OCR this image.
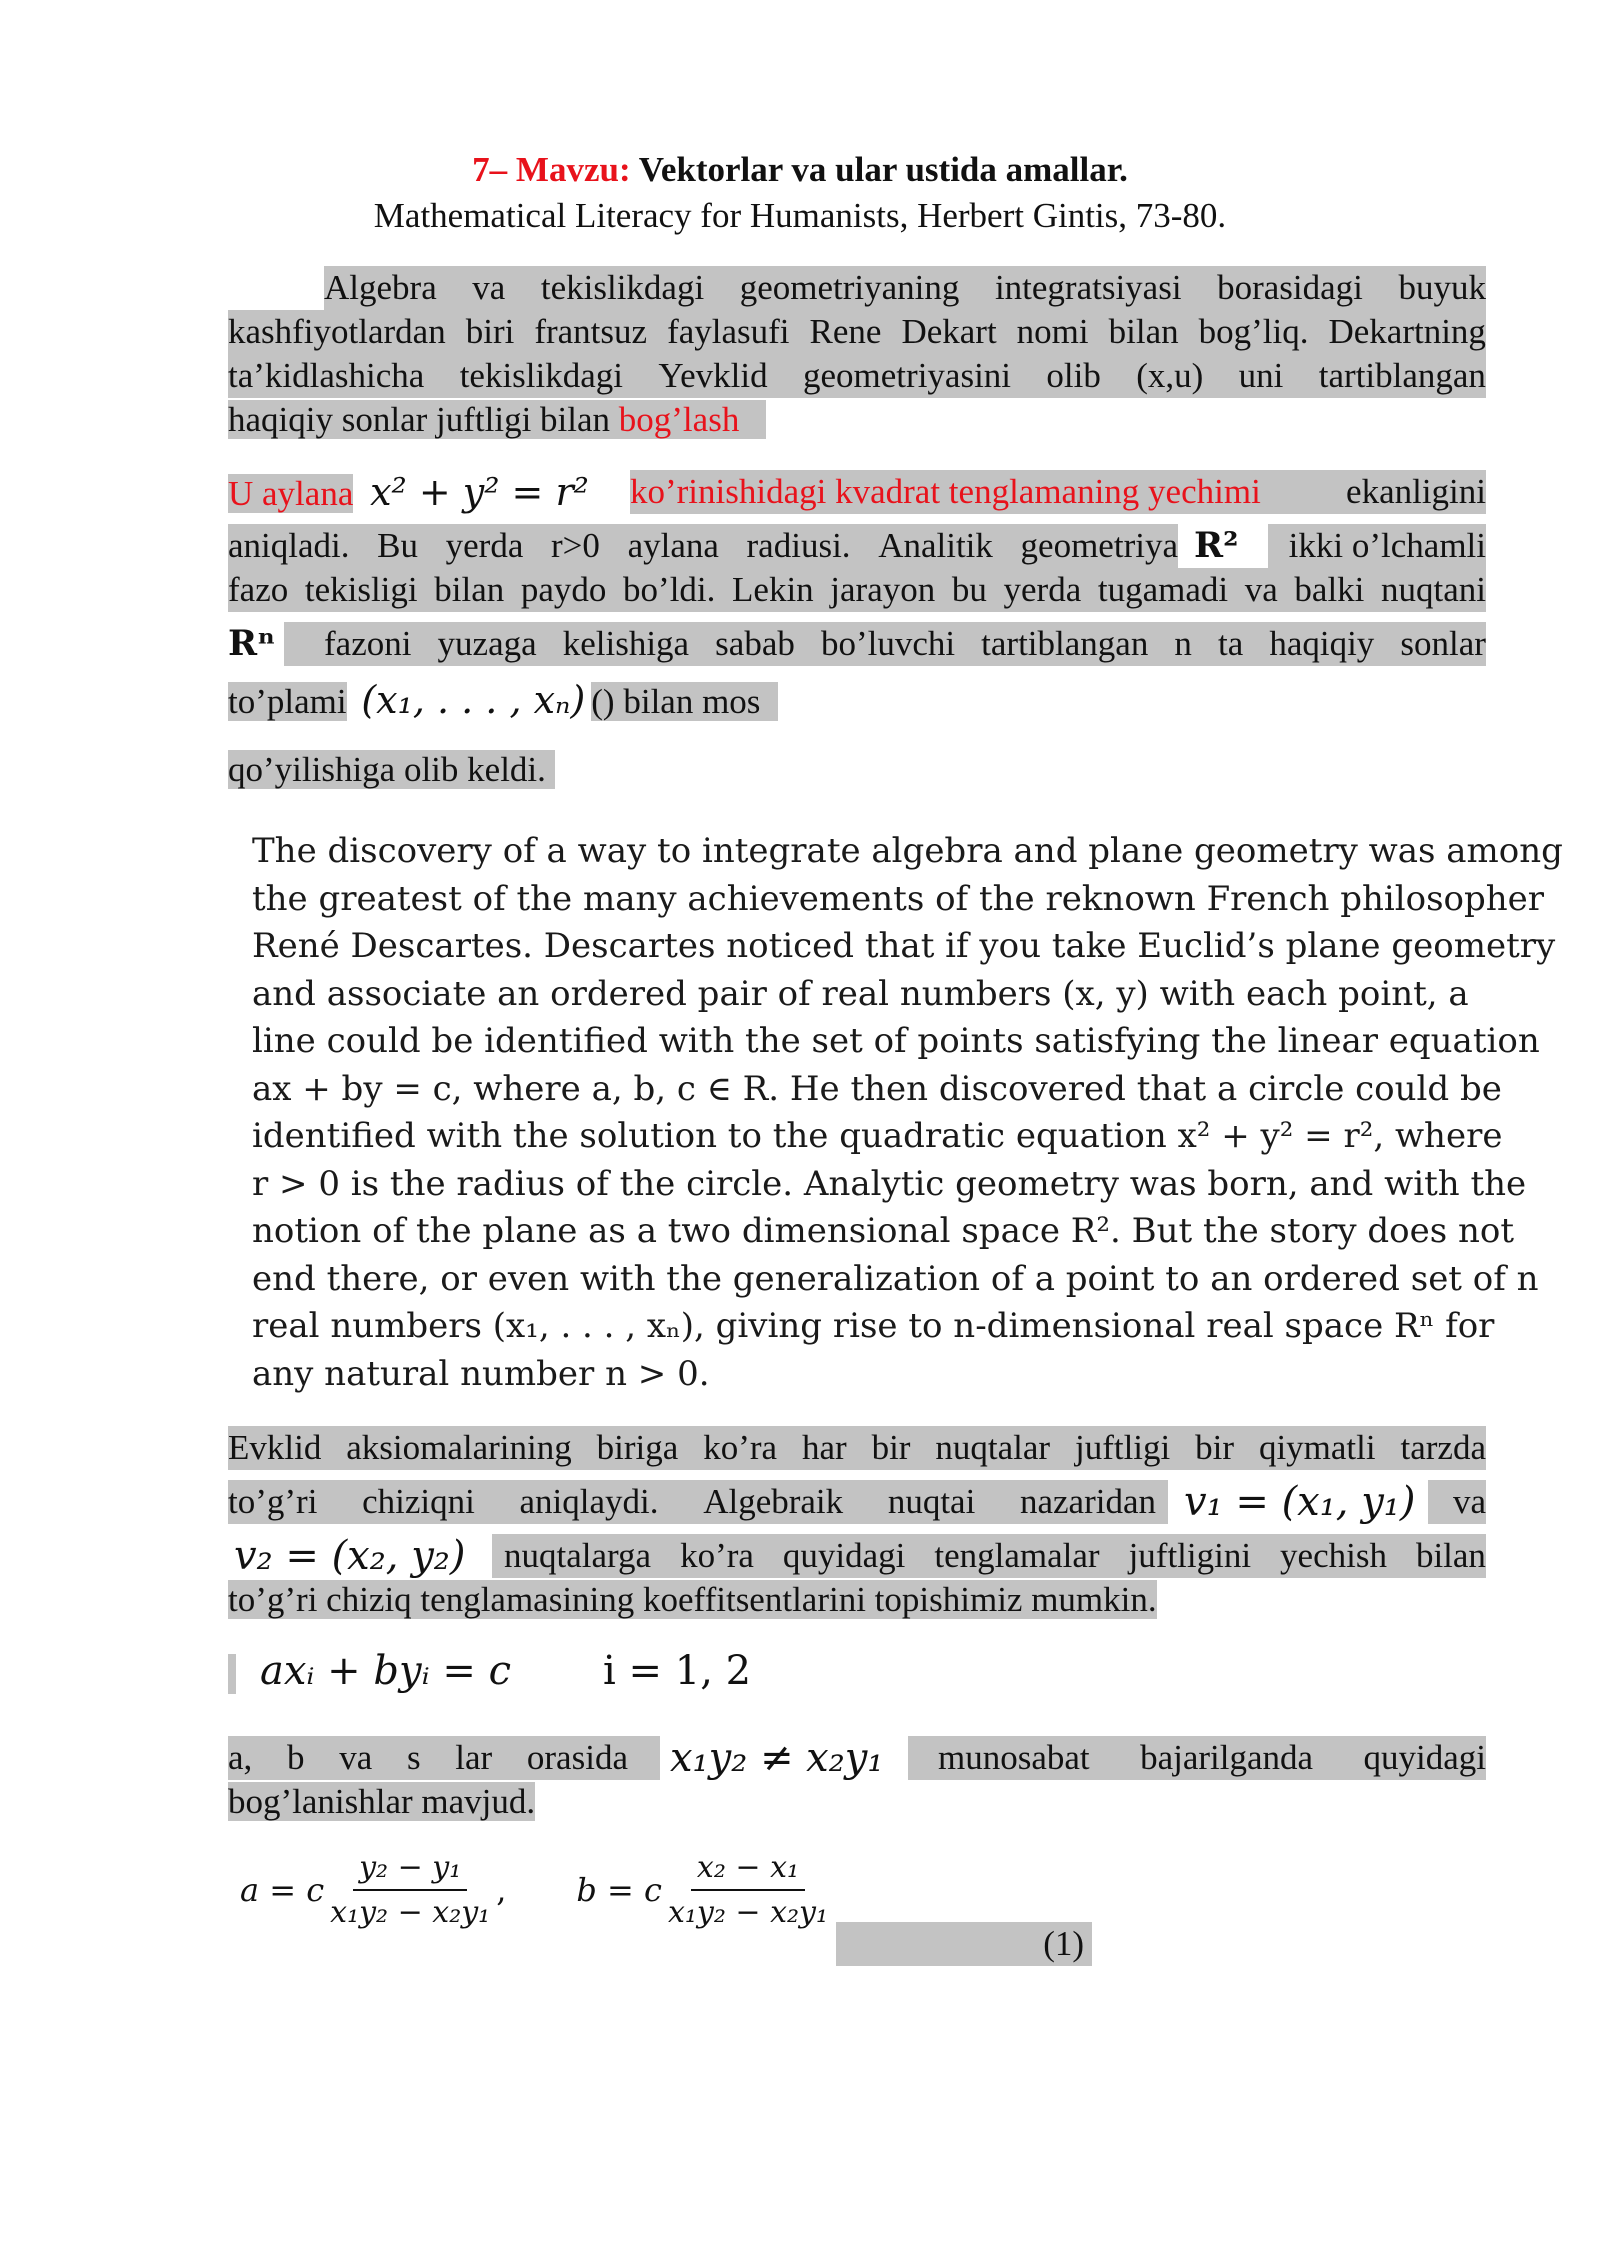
7– Mavzu: Vektorlar va ular ustida amallar.
Mathematical Literacy for Humanists, Herbert Gintis, 73-80.
Algebra va tekislikdagi geometriyaning integratsiyasi borasidagi buyuk
kashfiyotlardan biri frantsuz faylasufi Rene Dekart nomi bilan bog’liq. Dekartning
ta’kidlashicha tekislikdagi Yevklid geometriyasini olib (x,u) uni tartiblangan
haqiqiy sonlar juftligi bilan bog’lash
U aylana x² + y² = r² ko’rinishidagi kvadrat tenglamaning yechimi ekanligini
aniqladi. Bu yerda r>0 aylana radiusi. Analitik geometriya R²	ikki o’lchamli
fazo tekisligi bilan paydo bo’ldi. Lekin jarayon bu yerda tugamadi va balki nuqtani
Rⁿ fazoni yuzaga kelishiga sabab bo’luvchi tartiblangan n ta haqiqiy sonlar
to’plami (x₁, . . . , xₙ) () bilan mos
qo’yilishiga olib keldi.
The discovery of a way to integrate algebra and plane geometry was among
the greatest of the many achievements of the reknown French philosopher
René Descartes. Descartes noticed that if you take Euclid’s plane geometry
and associate an ordered pair of real numbers (x, y) with each point, a
line could be identified with the set of points satisfying the linear equation
ax + by = c, where a, b, c ∈ R. He then discovered that a circle could be
identified with the solution to the quadratic equation x² + y² = r², where
r > 0 is the radius of the circle. Analytic geometry was born, and with the
notion of the plane as a two dimensional space R². But the story does not
end there, or even with the generalization of a point to an ordered set of n
real numbers (x₁, . . . , xₙ), giving rise to n-dimensional real space Rⁿ for
any natural number n > 0.
Evklid aksiomalarining biriga ko’ra har bir nuqtalar juftligi bir qiymatli tarzda
to’g’ri chiziqni aniqlaydi. Algebraik nuqtai nazaridan v₁ = (x₁, y₁)	va
v₂ = (x₂, y₂) nuqtalarga ko’ra quyidagi tenglamalar juftligini yechish bilan
to’g’ri chiziq tenglamasining koeffitsentlarini topishimiz mumkin.
axᵢ + byᵢ = c i = 1, 2
a, b va s lar orasida x₁y₂ ≠ x₂y₁ munosabat bajarilganda quyidagi
bog’lanishlar mavjud.
a = c $\frac{\text{y₂ − y₁}}{\text{x₁y₂ − x₂y₁}}$ , b = c $\frac{\text{x₂ − x₁}}{\text{x₁y₂ − x₂y₁}}$
(1)
